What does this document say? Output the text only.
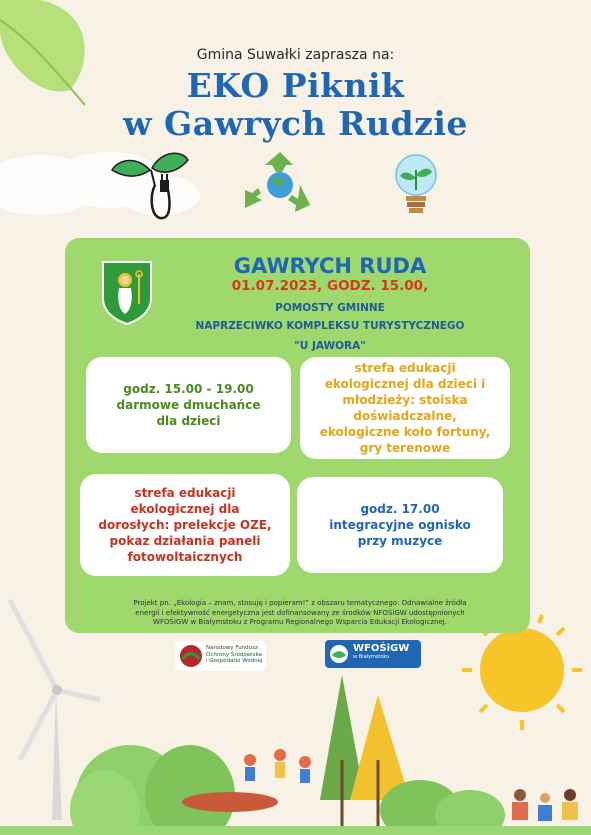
Gmina Suwałki zaprasza na:
EKO Piknik
w Gawrych Rudzie
GAWRYCH RUDA
01.07.2023, GODZ. 15.00,
POMOSTY GMINNE
NAPRZECIWKO KOMPLEKSU TURYSTYCZNEGO
"U JAWORA"
godz. 15.00 - 19.00
darmowe dmuchańce
dla dzieci
strefa edukacji
ekologicznej dla dzieci i
młodzieży: stoiska
doświadczalne,
ekologiczne koło fortuny,
gry terenowe
strefa edukacji
ekologicznej dla
dorosłych: prelekcje OZE,
pokaz działania paneli
fotowoltaicznych
godz. 17.00
integracyjne ognisko
przy muzyce
Projekt pn. „Ekologia – znam, stosuję i popieram!” z obszaru tematycznego: Odnawialne źródła
energii i efektywność energetyczna jest dofinansowany ze środków NFOŚiGW udostępnionych
WFOŚiGW w Białymstoku z Programu Regionalnego Wsparcia Edukacji Ekologicznej.
Narodowy Fundusz
Ochrony Środowiska
i Gospodarki Wodnej
WFOŚiGW
w Białymstoku
